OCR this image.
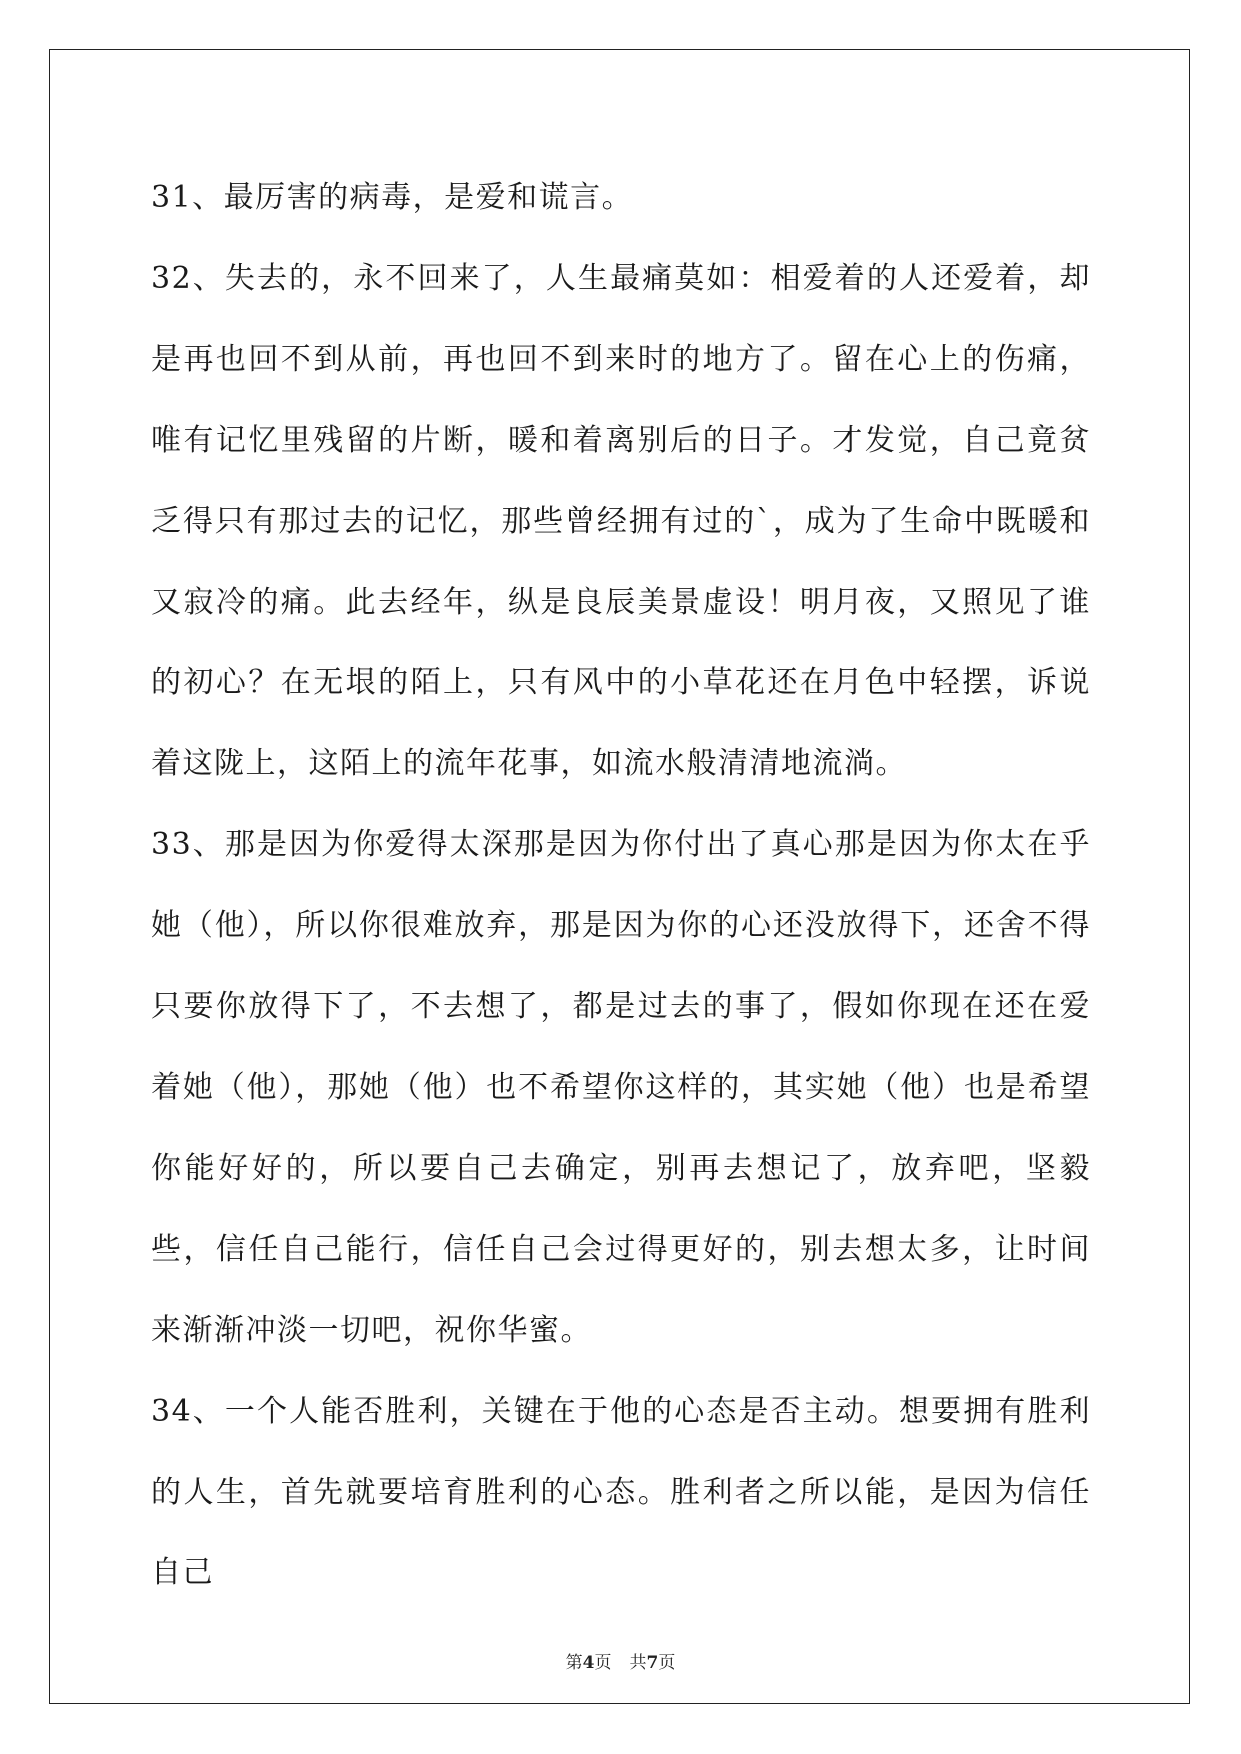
31、最厉害的病毒，是爱和谎言。

32、失去的，永不回来了，人生最痛莫如：相爱着的人还爱着，却是再也回不到从前，再也回不到来时的地方了。留在心上的伤痛，唯有记忆里残留的片断，暖和着离别后的日子。才发觉，自己竟贫乏得只有那过去的记忆，那些曾经拥有过的`，成为了生命中既暖和又寂冷的痛。此去经年，纵是良辰美景虚设！明月夜，又照见了谁的初心？在无垠的陌上，只有风中的小草花还在月色中轻摆，诉说着这陇上，这陌上的流年花事，如流水般清清地流淌。

33、那是因为你爱得太深那是因为你付出了真心那是因为你太在乎她（他），所以你很难放弃，那是因为你的心还没放得下，还舍不得只要你放得下了，不去想了，都是过去的事了，假如你现在还在爱着她（他），那她（他）也不希望你这样的，其实她（他）也是希望你能好好的，所以要自己去确定，别再去想记了，放弃吧，坚毅些，信任自己能行，信任自己会过得更好的，别去想太多，让时间来渐渐冲淡一切吧，祝你华蜜。

34、一个人能否胜利，关键在于他的心态是否主动。想要拥有胜利的人生，首先就要培育胜利的心态。胜利者之所以能，是因为信任自己

第4页 共7页
